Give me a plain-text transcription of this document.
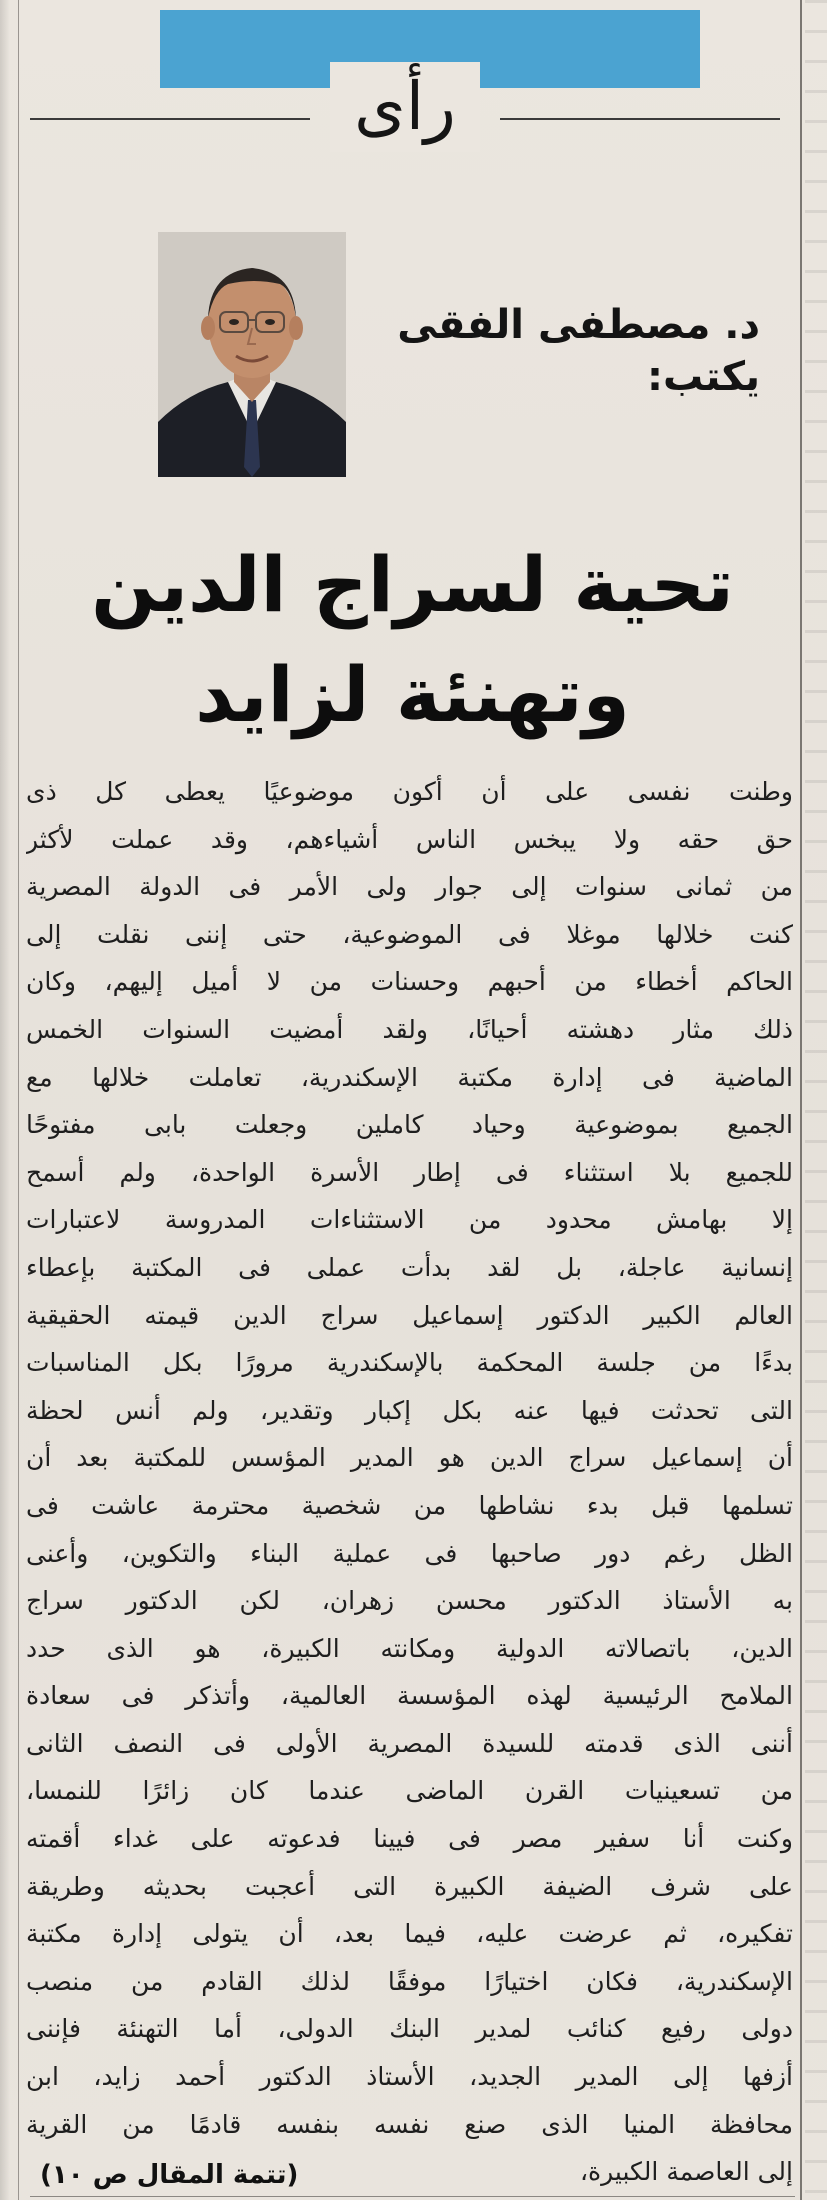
رأى
د. مصطفى الفقى
يكتب:
تحية لسراج الدين
وتهنئة لزايد
وطنت نفسى على أن أكون موضوعيًا يعطى كل ذى
حق حقه ولا يبخس الناس أشياءهم، وقد عملت لأكثر
من ثمانى سنوات إلى جوار ولى الأمر فى الدولة المصرية
كنت خلالها موغلا فى الموضوعية، حتى إننى نقلت إلى
الحاكم أخطاء من أحبهم وحسنات من لا أميل إليهم، وكان
ذلك مثار دهشته أحيانًا، ولقد أمضيت السنوات الخمس
الماضية فى إدارة مكتبة الإسكندرية، تعاملت خلالها مع
الجميع بموضوعية وحياد كاملين وجعلت بابى مفتوحًا
للجميع بلا استثناء فى إطار الأسرة الواحدة، ولم أسمح
إلا بهامش محدود من الاستثناءات المدروسة لاعتبارات
إنسانية عاجلة، بل لقد بدأت عملى فى المكتبة بإعطاء
العالم الكبير الدكتور إسماعيل سراج الدين قيمته الحقيقية
بدءًا من جلسة المحكمة بالإسكندرية مرورًا بكل المناسبات
التى تحدثت فيها عنه بكل إكبار وتقدير، ولم أنس لحظة
أن إسماعيل سراج الدين هو المدير المؤسس للمكتبة بعد أن
تسلمها قبل بدء نشاطها من شخصية محترمة عاشت فى
الظل رغم دور صاحبها فى عملية البناء والتكوين، وأعنى
به الأستاذ الدكتور محسن زهران، لكن الدكتور سراج
الدين، باتصالاته الدولية ومكانته الكبيرة، هو الذى حدد
الملامح الرئيسية لهذه المؤسسة العالمية، وأتذكر فى سعادة
أننى الذى قدمته للسيدة المصرية الأولى فى النصف الثانى
من تسعينيات القرن الماضى عندما كان زائرًا للنمسا،
وكنت أنا سفير مصر فى فيينا فدعوته على غداء أقمته
على شرف الضيفة الكبيرة التى أعجبت بحديثه وطريقة
تفكيره، ثم عرضت عليه، فيما بعد، أن يتولى إدارة مكتبة
الإسكندرية، فكان اختيارًا موفقًا لذلك القادم من منصب
دولى رفيع كنائب لمدير البنك الدولى، أما التهنئة فإننى
أزفها إلى المدير الجديد، الأستاذ الدكتور أحمد زايد، ابن
محافظة المنيا الذى صنع نفسه بنفسه قادمًا من القرية
إلى العاصمة الكبيرة،
(تتمة المقال ص ١٠)
